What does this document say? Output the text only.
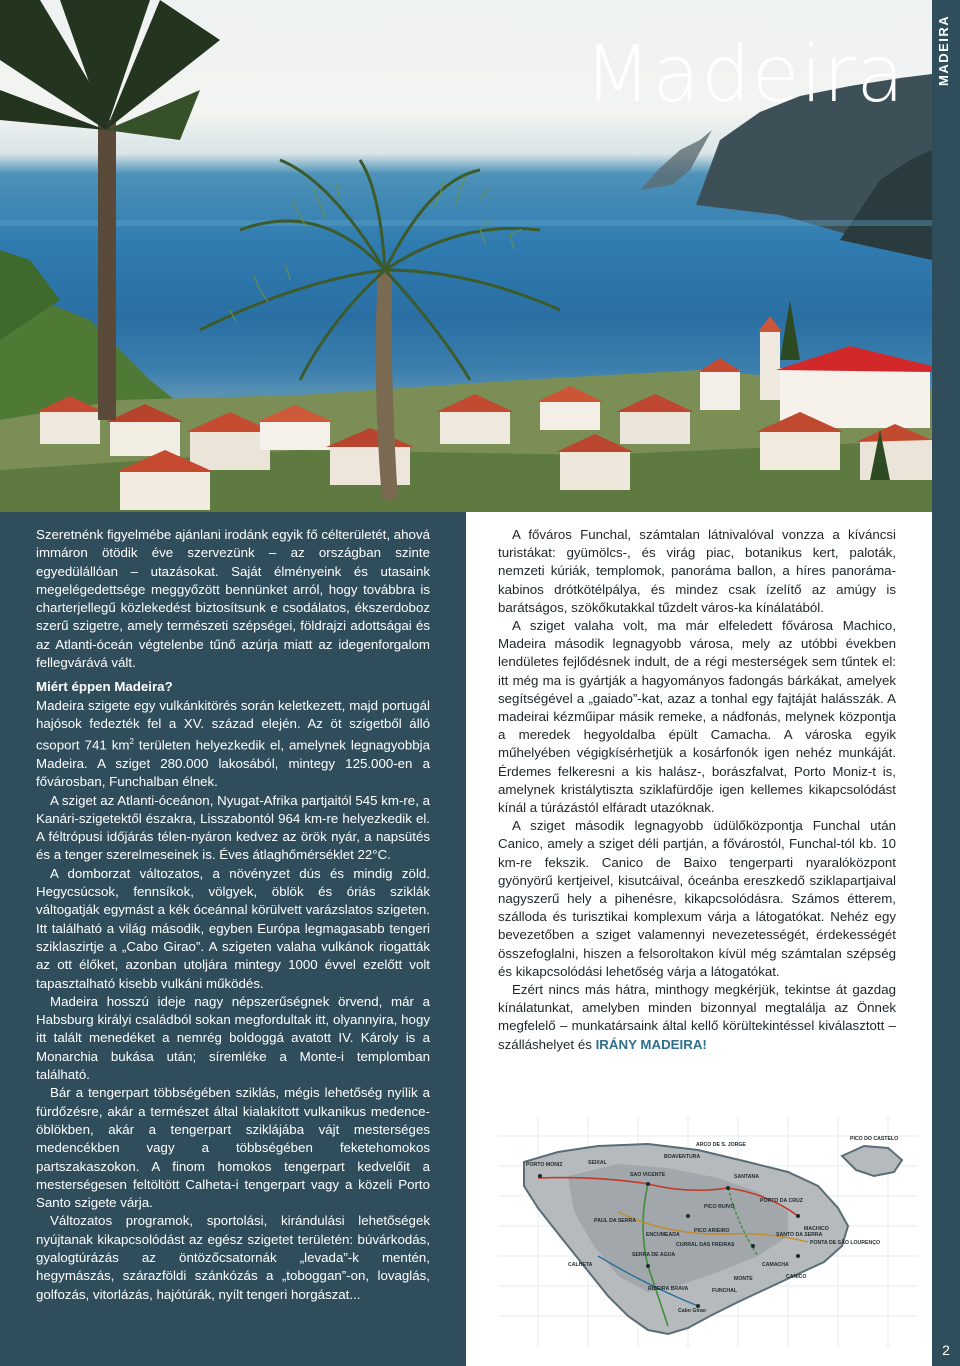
Madeira MADEIRA
2

Szeretnénk figyelmébe ajánlani irodánk egyik fő célterületét, ahová immáron ötödik éve szervezünk – az országban szinte egyedülállóan – utazásokat. Saját élményeink és utasaink megelégedettsége meggyőzött bennünket arról, hogy továbbra is charterjellegű közlekedést biztosítsunk e csodálatos, ékszerdoboz szerű szigetre, amely természeti szépségei, földrajzi adottságai és az Atlanti-óceán végtelenbe tűnő azúrja miatt az idegenforgalom fellegvárává vált.

Miért éppen Madeira?

Madeira szigete egy vulkánkitörés során keletkezett, majd portugál hajósok fedezték fel a XV. század elején. Az öt szigetből álló csoport 741 $km^2$ területen helyezkedik el, amelynek legnagyobbja Madeira. A sziget 280.000 lakosából, mintegy 125.000-en a fővárosban, Funchalban élnek.

A sziget az Atlanti-óceánon, Nyugat-Afrika partjaitól 545 km-re, a Kanári-szigetektől északra, Lisszabontól 964 km-re helyezkedik el. A féltrópusi időjárás télen-nyáron kedvez az örök nyár, a napsütés és a tenger szerelmeseinek is. Éves átlaghőmérséklet 22°C.

A domborzat változatos, a növényzet dús és mindig zöld. Hegycsúcsok, fennsíkok, völgyek, öblök és óriás sziklák váltogatják egymást a kék óceánnal körülvett varázslatos szigeten. Itt található a világ második, egyben Európa legmagasabb tengeri sziklaszirtje a „Cabo Girao”. A szigeten valaha vulkánok riogatták az ott élőket, azonban utoljára mintegy 1000 évvel ezelőtt volt tapasztalható kisebb vulkáni működés.

Madeira hosszú ideje nagy népszerűségnek örvend, már a Habsburg királyi családból sokan megfordultak itt, olyannyira, hogy itt talált menedéket a nemrég boldoggá avatott IV. Károly is a Monarchia bukása után; síremléke a Monte-i templomban található.

Bár a tengerpart többségében sziklás, mégis lehetőség nyílik a fürdőzésre, akár a természet által kialakított vulkanikus medence-öblökben, akár a tengerpart sziklájába vájt mesterséges medencékben vagy a többségében feketehomokos partszakaszokon. A finom homokos tengerpart kedvelőit a mesterségesen feltöltött Calheta-i tengerpart vagy a közeli Porto Santo szigete várja.

Változatos programok, sportolási, kirándulási lehetőségek nyújtanak kikapcsolódást az egész szigetet területén: búvárkodás, gyalogtúrázás az öntözőcsatornák „levada”-k mentén, hegymászás, szárazföldi szánkózás a „toboggan”-on, lovaglás, golfozás, vitorlázás, hajótúrák, nyílt tengeri horgászat...

A főváros Funchal, számtalan látnivalóval vonzza a kíváncsi turistákat: gyümölcs-, és virág piac, botanikus kert, paloták, nemzeti kúriák, templomok, panoráma ballon, a híres panoráma-kabinos drótkötélpálya, és mindez csak ízelítő az amúgy is barátságos, szökőkutakkal tűzdelt város-ka kínálatából.

A sziget valaha volt, ma már elfeledett fővárosa Machico, Madeira második legnagyobb városa, mely az utóbbi években lendületes fejlődésnek indult, de a régi mesterségek sem tűntek el: itt még ma is gyártják a hagyományos fadongás bárkákat, amelyek segítségével a „gaiado”-kat, azaz a tonhal egy fajtáját halásszák. A madeirai kézműipar másik remeke, a nádfonás, melynek központja a meredek hegyoldalba épült Camacha. A városka egyik műhelyében végigkísérhetjük a kosárfonók igen nehéz munkáját. Érdemes felkeresni a kis halász-, borászfalvat, Porto Moniz-t is, amelynek kristálytiszta sziklafürdője igen kellemes kikapcsolódást kínál a túrázástól elfáradt utazóknak.

A sziget második legnagyobb üdülőközpontja Funchal után Canico, amely a sziget déli partján, a fővárostól, Funchal-tól kb. 10 km-re fekszik. Canico de Baixo tengerparti nyaralóközpont gyönyörű kertjeivel, kisutcáival, óceánba ereszkedő sziklapartjaival nagyszerű hely a pihenésre, kikapcsolódásra. Számos étterem, szálloda és turisztikai komplexum várja a látogatókat. Nehéz egy bevezetőben a sziget valamennyi nevezetességét, érdekességét összefoglalni, hiszen a felsoroltakon kívül még számtalan szépség és kikapcsolódási lehetőség várja a látogatókat.

Ezért nincs más hátra, minthogy megkérjük, tekintse át gazdag kínálatunkat, amelyben minden bizonnyal megtalálja az Önnek megfelelő – munkatársaink által kellő körültekintéssel kiválasztott – szálláshelyet és IRÁNY MADEIRA!

PORTO MONIZ	SEIXAL
SAO VICENTE
BOAVENTURA
ARCO DE S. JORGE
SANTANA
PAUL DA SERRA
PICO RUIVO
PORTO DA CRUZ
MACHICO
PICO ARIEIRO
CURRAL DAS FREIRAS
CAMACHA
FUNCHAL
CANICO
MONTE
CALHETA
RIBEIRA BRAVA
Cabo Girao
SERRA DE AGUA
ENCUMEADA
PONTA DE SÃO LOURENÇO
SANTO DA SERRA
PICO DO CASTELO
